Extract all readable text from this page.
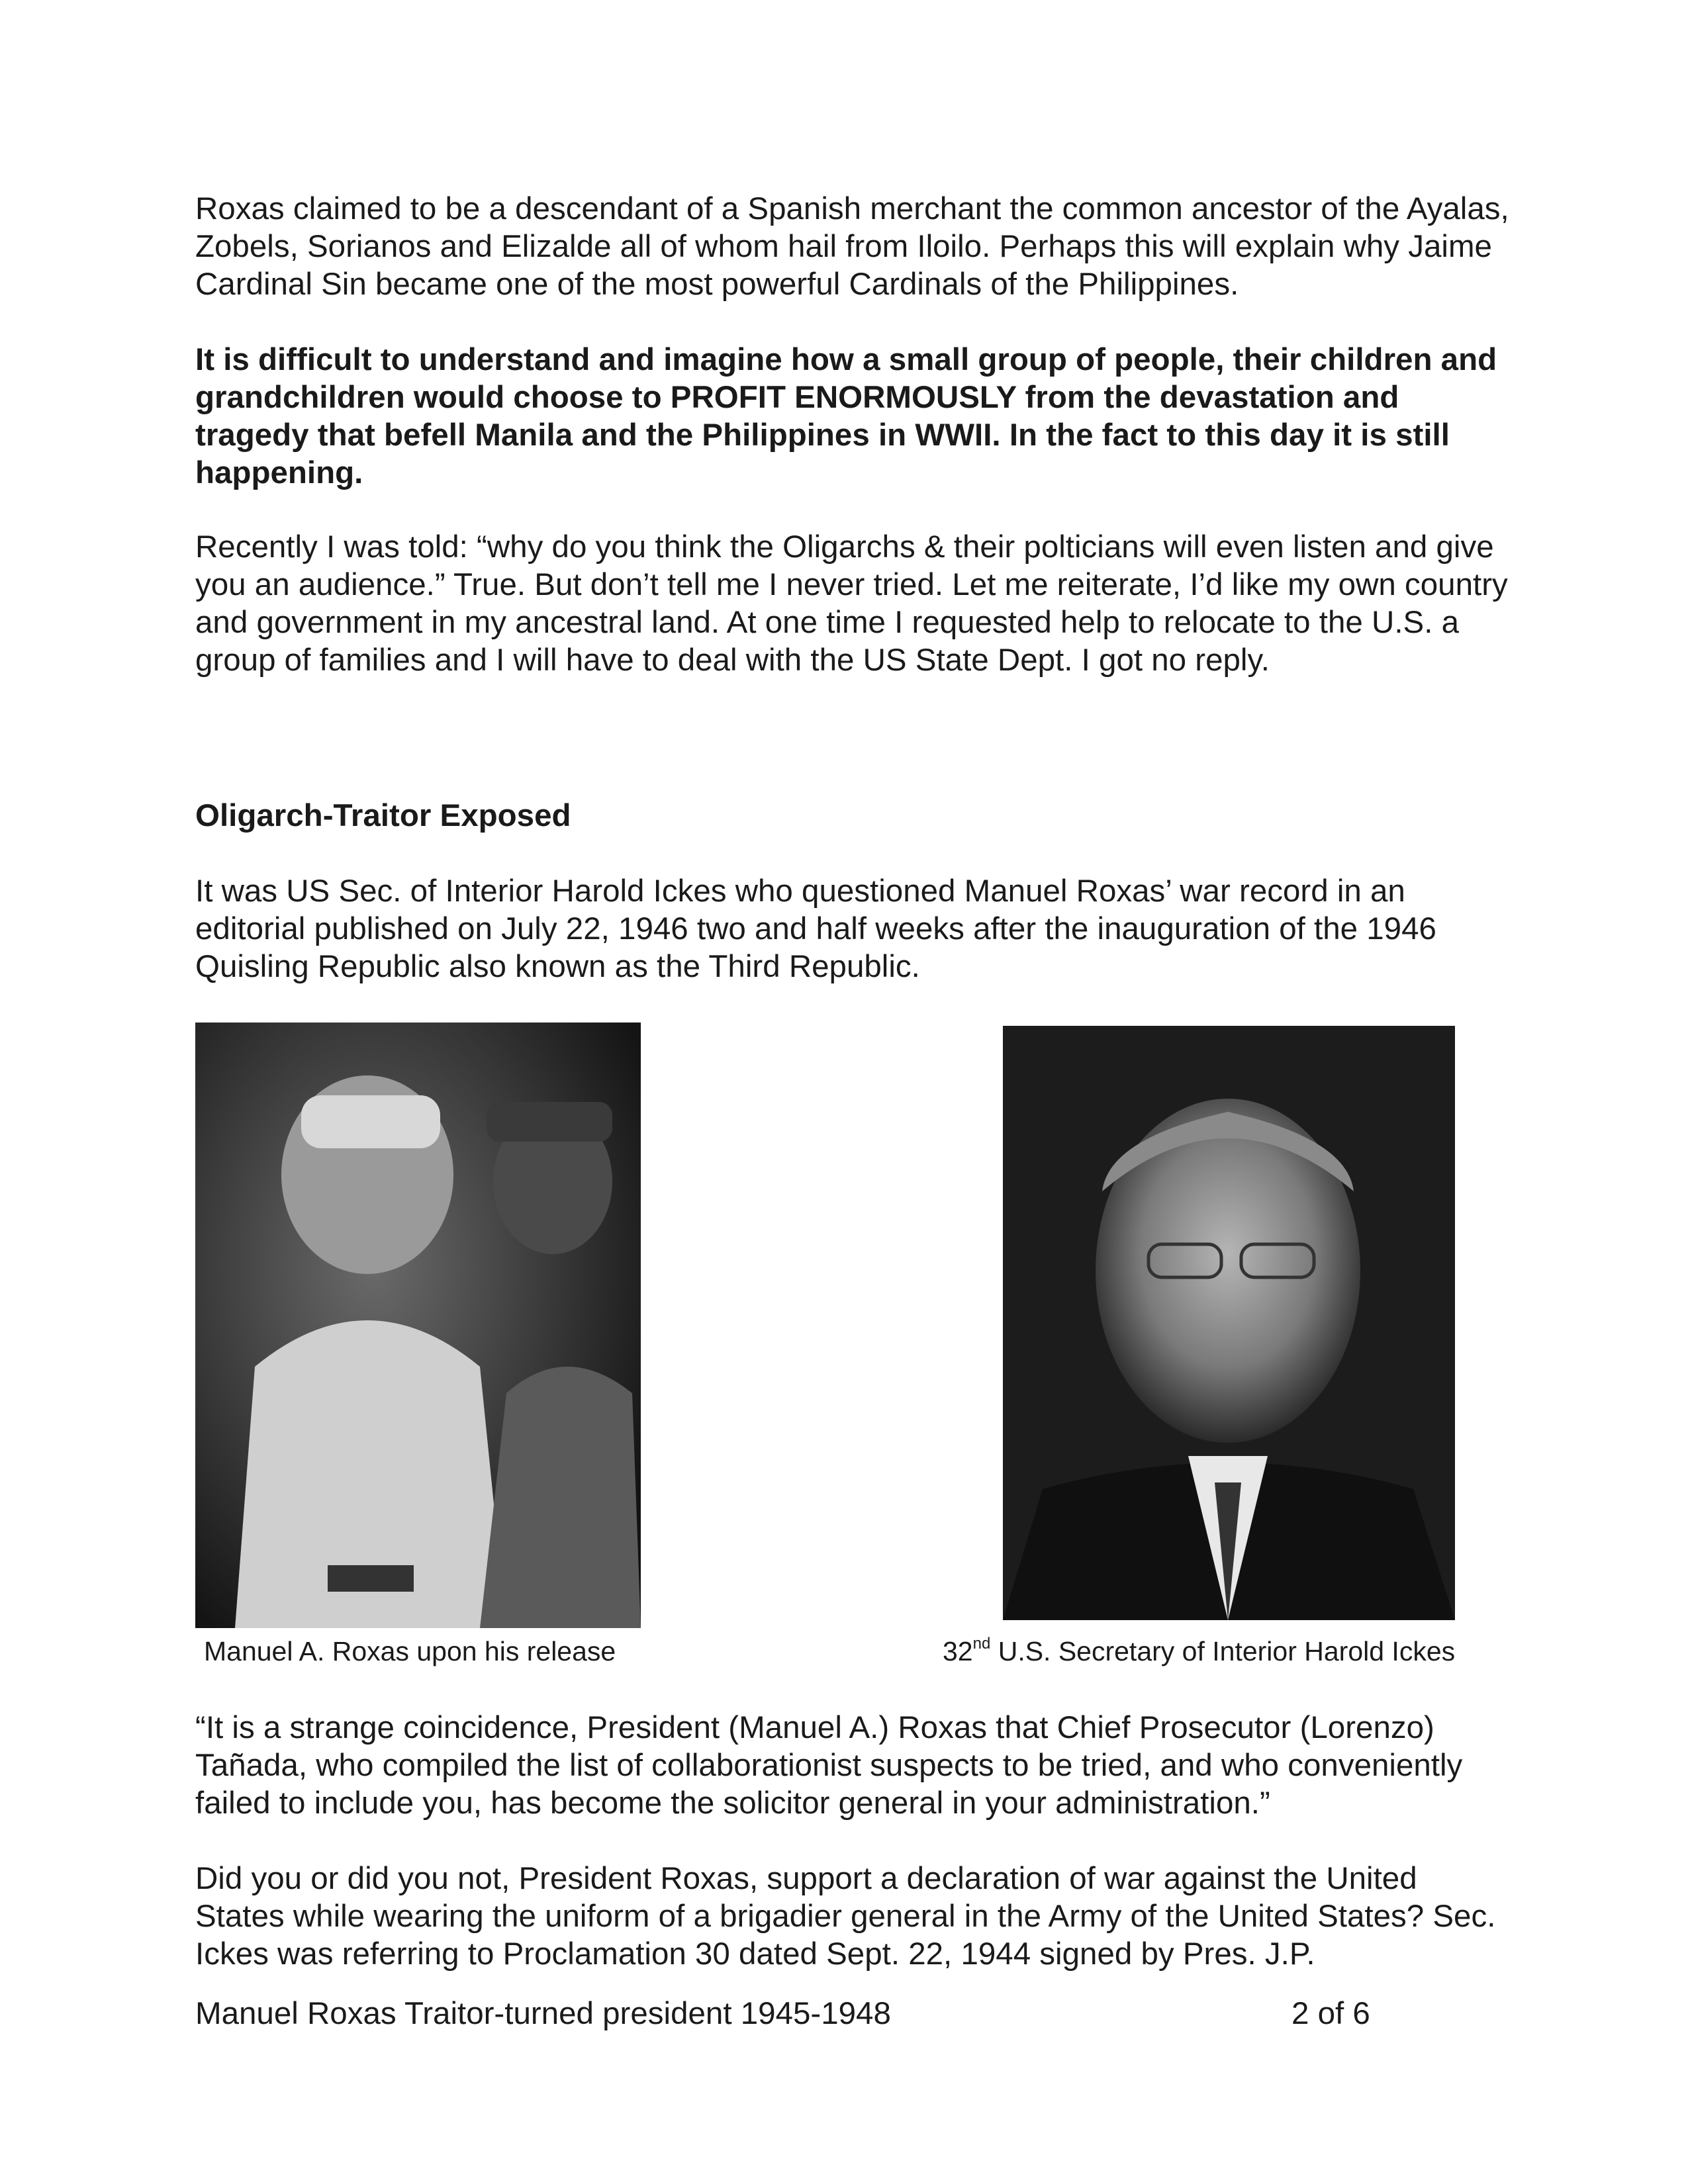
Roxas claimed to be a descendant of a Spanish merchant the common ancestor of the Ayalas, Zobels, Sorianos and Elizalde all of whom hail from Iloilo. Perhaps this will explain why Jaime Cardinal Sin became one of the most powerful Cardinals of the Philippines.

It is difficult to understand and imagine how a small group of people, their children and grandchildren would choose to PROFIT ENORMOUSLY from the devastation and tragedy that befell Manila and the Philippines in WWII. In the fact to this day it is still happening.

Recently I was told: “why do you think the Oligarchs & their polticians will even listen and give you an audience.” True. But don’t tell me I never tried. Let me reiterate, I’d like my own country and government in my ancestral land. At one time I requested help to relocate to the U.S. a group of families and I will have to deal with the US State Dept. I got no reply.

Oligarch-Traitor Exposed

It was US Sec. of Interior Harold Ickes who questioned Manuel Roxas’ war record in an editorial published on July 22, 1946 two and half weeks after the inauguration of the 1946 Quisling Republic also known as the Third Republic.

Manuel A. Roxas upon his release	32nd U.S. Secretary of Interior Harold Ickes

“It is a strange coincidence, President (Manuel A.) Roxas that Chief Prosecutor (Lorenzo) Tañada, who compiled the list of collaborationist suspects to be tried, and who conveniently failed to include you, has become the solicitor general in your administration.”

Did you or did you not, President Roxas, support a declaration of war against the United States while wearing the uniform of a brigadier general in the Army of the United States? Sec. Ickes was referring to Proclamation 30 dated Sept. 22, 1944 signed by Pres. J.P.

Manuel Roxas Traitor-turned president 1945-1948	2 of 6
